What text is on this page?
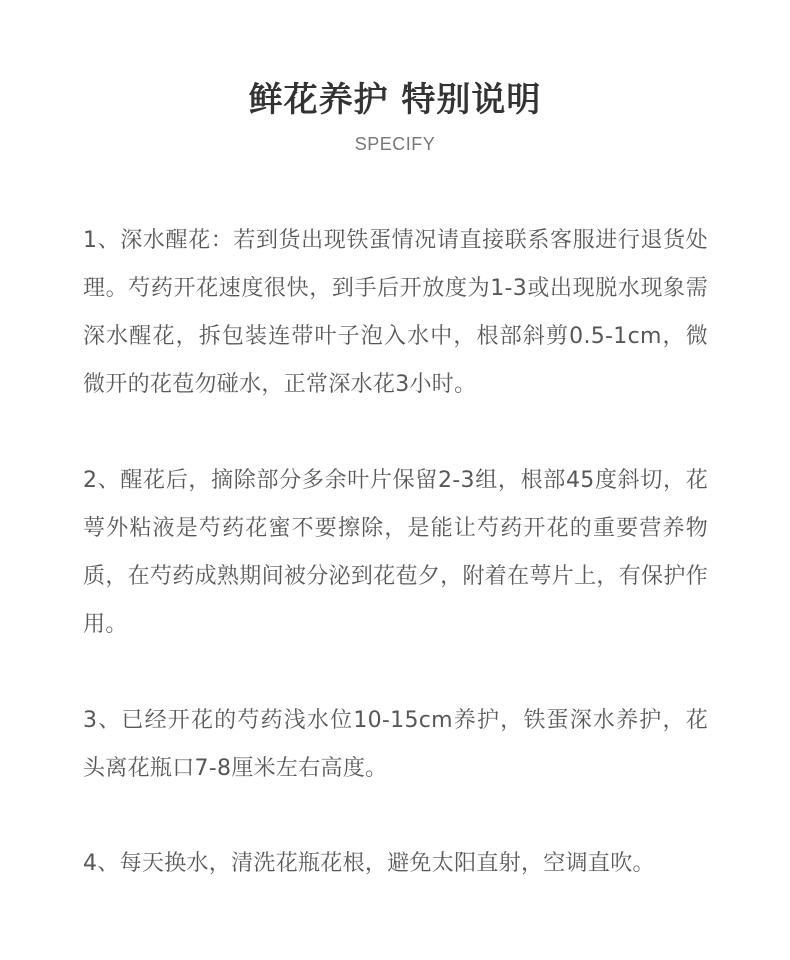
鲜花养护 特别说明
SPECIFY
1、深水醒花：若到货出现铁蛋情况请直接联系客服进行退货处理。芍药开花速度很快，到手后开放度为1-3或出现脱水现象需深水醒花，拆包装连带叶子泡入水中，根部斜剪0.5-1cm，微微开的花苞勿碰水，正常深水花3小时。
2、醒花后，摘除部分多余叶片保留2-3组，根部45度斜切，花萼外粘液是芍药花蜜不要擦除，是能让芍药开花的重要营养物质，在芍药成熟期间被分泌到花苞夕，附着在萼片上，有保护作用。
3、已经开花的芍药浅水位10-15cm养护，铁蛋深水养护，花头离花瓶口7-8厘米左右高度。
4、每天换水，清洗花瓶花根，避免太阳直射，空调直吹。
